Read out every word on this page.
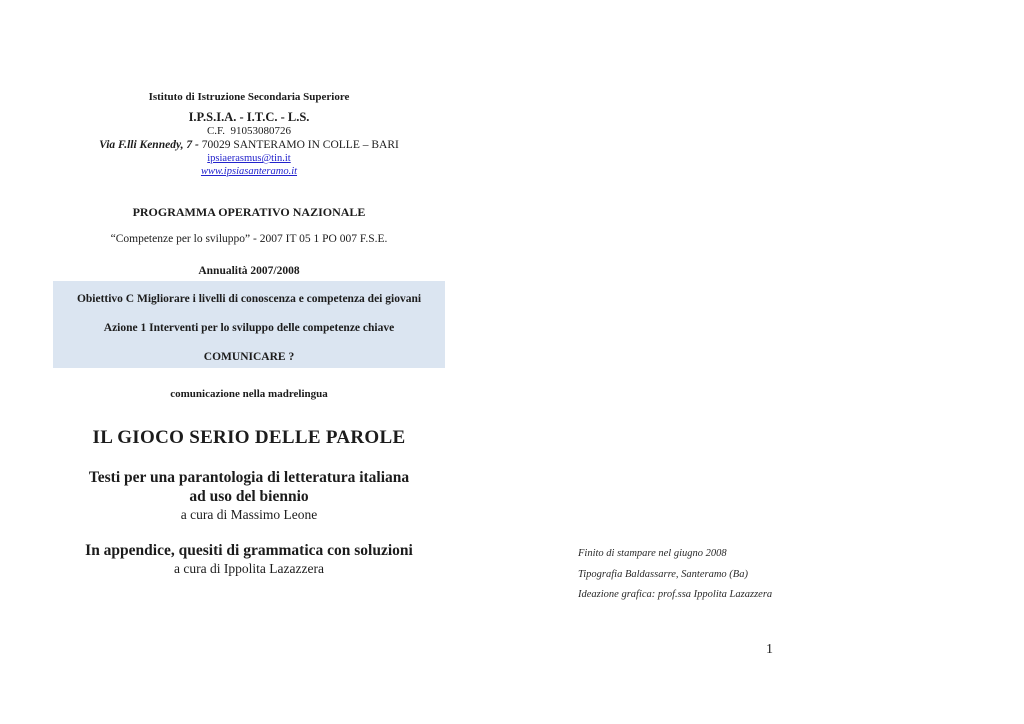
Istituto di Istruzione Secondaria Superiore
I.P.S.I.A. - I.T.C. - L.S.
C.F.  91053080726
Via F.lli Kennedy, 7 - 70029 SANTERAMO IN COLLE – BARI
ipsiaerasmus@tin.it
www.ipsiasanteramo.it
PROGRAMMA OPERATIVO NAZIONALE
“Competenze per lo sviluppo” - 2007 IT 05 1 PO 007 F.S.E.
Annualità 2007/2008
Obiettivo C Migliorare i livelli di conoscenza e competenza dei giovani
Azione 1 Interventi per lo sviluppo delle competenze chiave
COMUNICARE ?
comunicazione nella madrelingua
IL GIOCO SERIO DELLE PAROLE
Testi per una parantologia di letteratura italiana
ad uso del biennio
a cura di Massimo Leone
In appendice, quesiti di grammatica con soluzioni
a cura di Ippolita Lazazzera
Finito di stampare nel giugno 2008
Tipografia Baldassarre, Santeramo (Ba)
Ideazione grafica: prof.ssa Ippolita Lazazzera
1
